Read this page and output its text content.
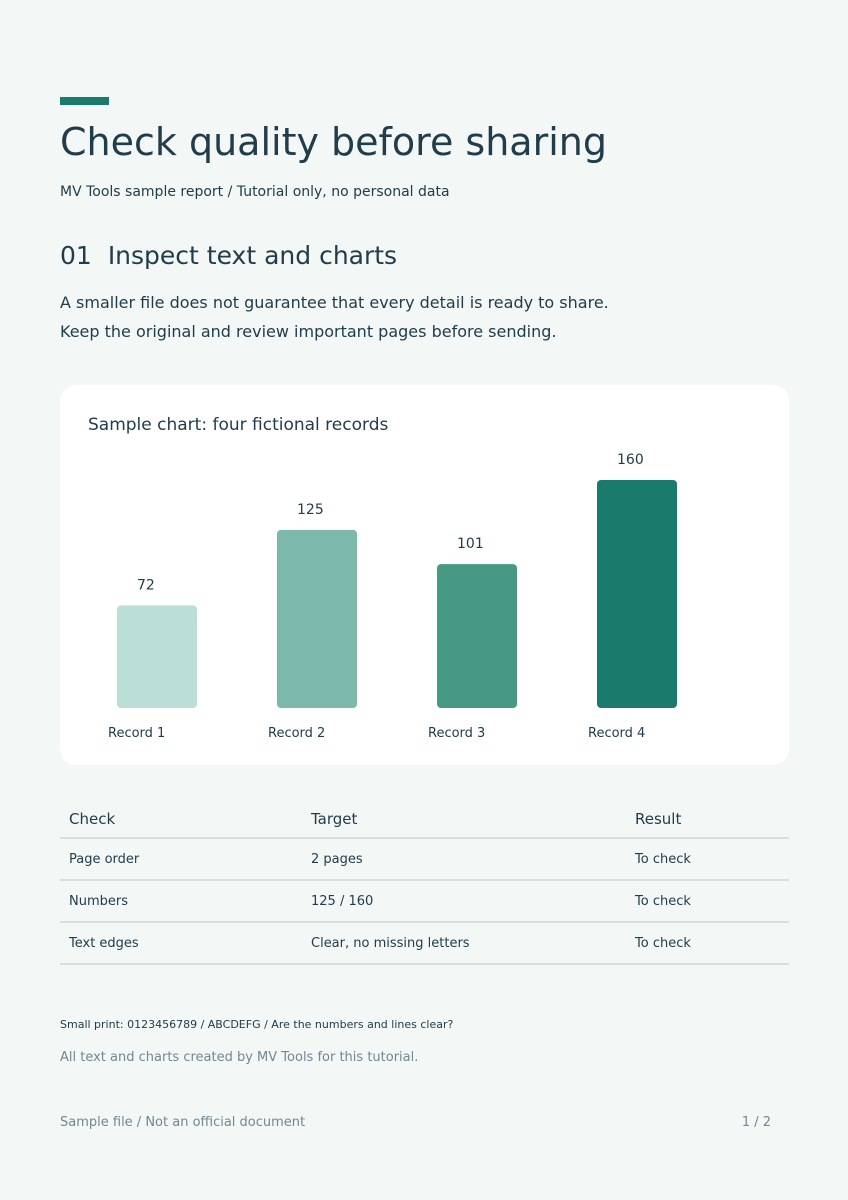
Check quality before sharing
MV Tools sample report / Tutorial only, no personal data
01 Inspect text and charts
A smaller file does not guarantee that every detail is ready to share.
Keep the original and review important pages before sending.
Sample chart: four fictional records
72
Record 1
125
Record 2
101
Record 3
160
Record 4
Check	Target	Result
Page order	2 pages	To check
Numbers	125 / 160	To check
Text edges	Clear, no missing letters	To check
Small print: 0123456789 / ABCDEFG / Are the numbers and lines clear?
All text and charts created by MV Tools for this tutorial.
Sample file / Not an official document	1 / 2
